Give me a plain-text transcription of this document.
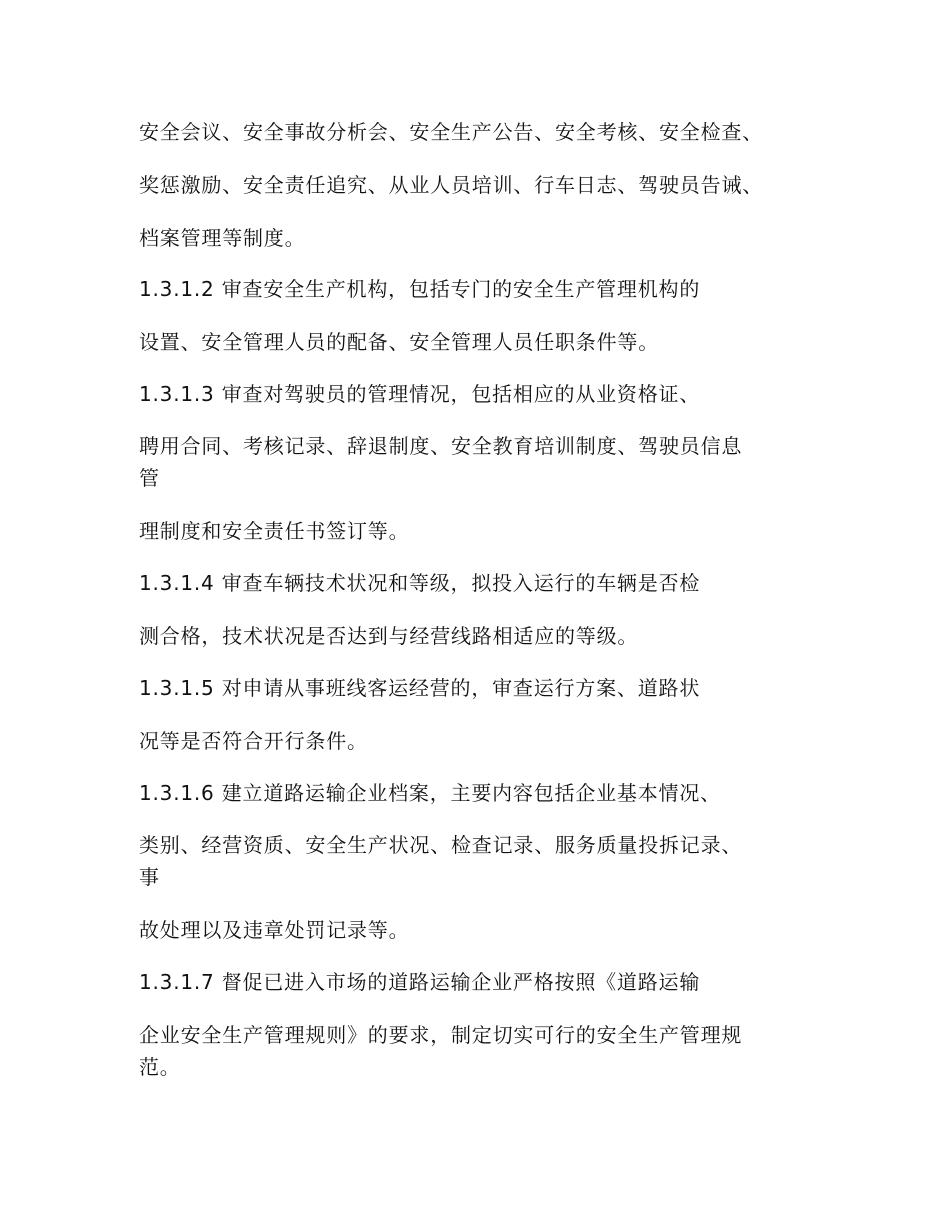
安全会议、安全事故分析会、安全生产公告、安全考核、安全检查、
奖惩激励、安全责任追究、从业人员培训、行车日志、驾驶员告诫、
档案管理等制度。
1.3.1.2 审查安全生产机构，包括专门的安全生产管理机构的
设置、安全管理人员的配备、安全管理人员任职条件等。
1.3.1.3 审查对驾驶员的管理情况，包括相应的从业资格证、
聘用合同、考核记录、辞退制度、安全教育培训制度、驾驶员信息
管
理制度和安全责任书签订等。
1.3.1.4 审查车辆技术状况和等级，拟投入运行的车辆是否检
测合格，技术状况是否达到与经营线路相适应的等级。
1.3.1.5 对申请从事班线客运经营的，审查运行方案、道路状
况等是否符合开行条件。
1.3.1.6 建立道路运输企业档案，主要内容包括企业基本情况、
类别、经营资质、安全生产状况、检查记录、服务质量投拆记录、
事
故处理以及违章处罚记录等。
1.3.1.7 督促已进入市场的道路运输企业严格按照《道路运输
企业安全生产管理规则》的要求，制定切实可行的安全生产管理规
范。
